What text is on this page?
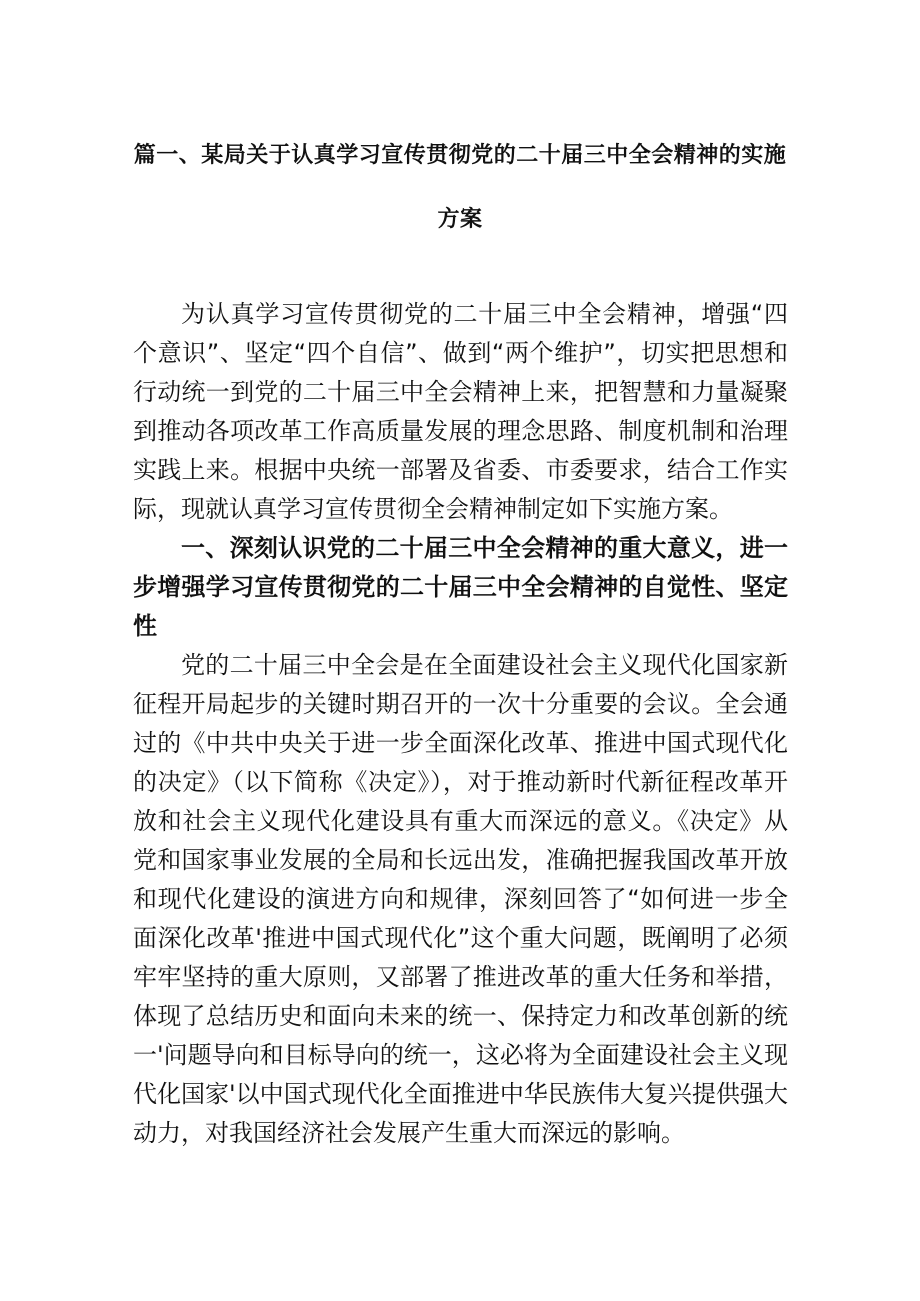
篇一、某局关于认真学习宣传贯彻党的二十届三中全会精神的实施方案

为认真学习宣传贯彻党的二十届三中全会精神，增强“四个意识”、坚定“四个自信”、做到“两个维护”，切实把思想和行动统一到党的二十届三中全会精神上来，把智慧和力量凝聚到推动各项改革工作高质量发展的理念思路、制度机制和治理实践上来。根据中央统一部署及省委、市委要求，结合工作实际，现就认真学习宣传贯彻全会精神制定如下实施方案。

一、深刻认识党的二十届三中全会精神的重大意义，进一步增强学习宣传贯彻党的二十届三中全会精神的自觉性、坚定性

党的二十届三中全会是在全面建设社会主义现代化国家新征程开局起步的关键时期召开的一次十分重要的会议。全会通过的《中共中央关于进一步全面深化改革、推进中国式现代化的决定》（以下简称《决定》），对于推动新时代新征程改革开放和社会主义现代化建设具有重大而深远的意义。《决定》从党和国家事业发展的全局和长远出发，准确把握我国改革开放和现代化建设的演进方向和规律，深刻回答了“如何进一步全面深化改革'推进中国式现代化”这个重大问题，既阐明了必须牢牢坚持的重大原则，又部署了推进改革的重大任务和举措，体现了总结历史和面向未来的统一、保持定力和改革创新的统一'问题导向和目标导向的统一，这必将为全面建设社会主义现代化国家'以中国式现代化全面推进中华民族伟大复兴提供强大动力，对我国经济社会发展产生重大而深远的影响。
